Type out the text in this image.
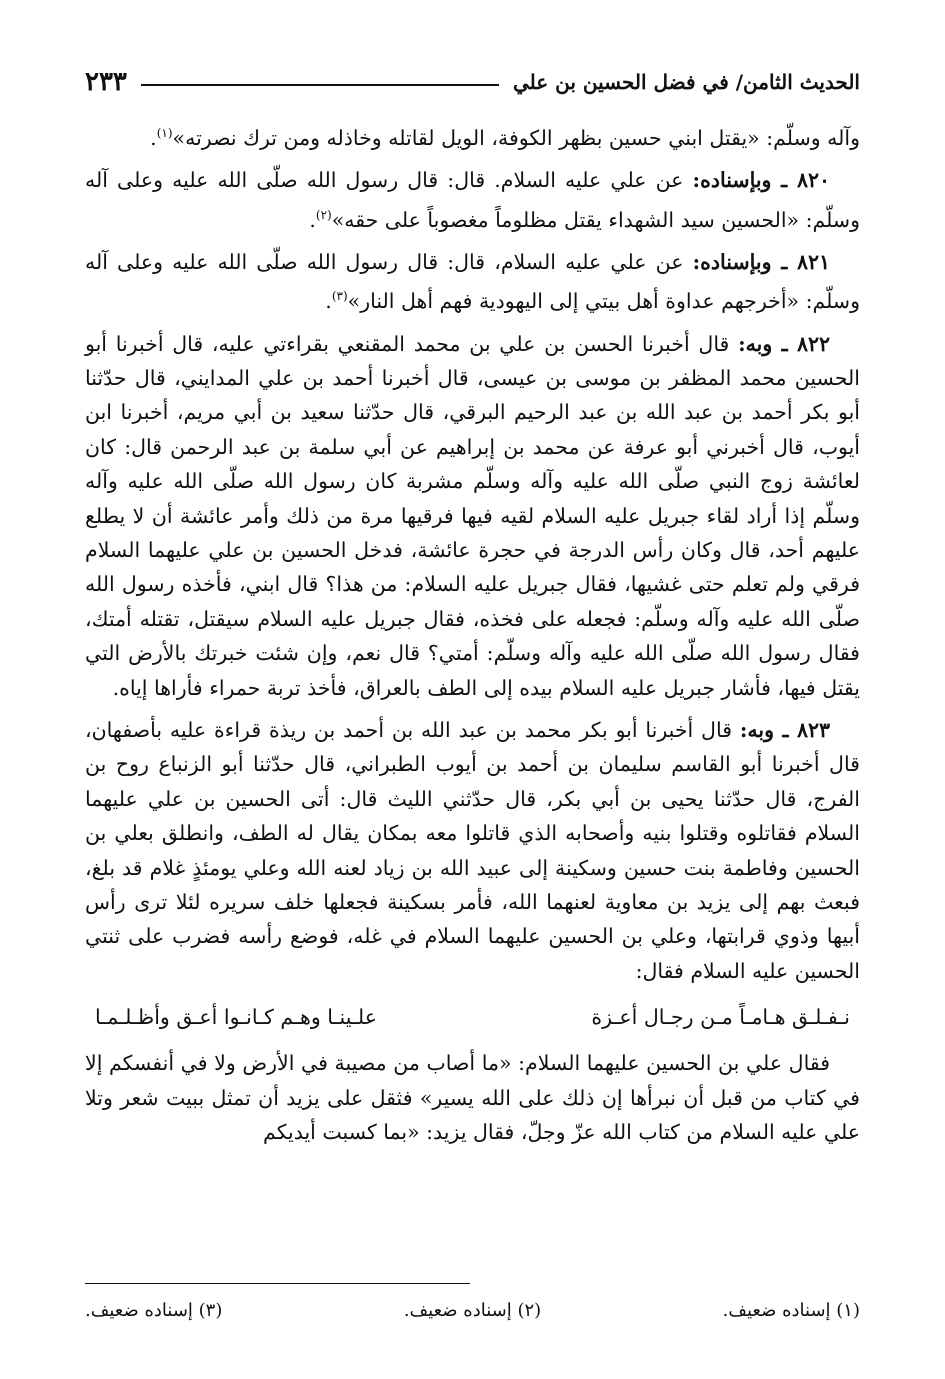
الحديث الثامن/ في فضل الحسين بن علي
٢٣٣

وآله وسلّم: «يقتل ابني حسين بظهر الكوفة، الويل لقاتله وخاذله ومن ترك نصرته»$^{(١)}$.

٨٢٠ ـ وبإسناده: عن علي عليه السلام. قال: قال رسول الله صلّى الله عليه وعلى آله وسلّم: «الحسين سيد الشهداء يقتل مظلوماً مغصوباً على حقه»$^{(٢)}$.

٨٢١ ـ وبإسناده: عن علي عليه السلام، قال: قال رسول الله صلّى الله عليه وعلى آله وسلّم: «أخرجهم عداوة أهل بيتي إلى اليهودية فهم أهل النار»$^{(٣)}$.

٨٢٢ ـ وبه: قال أخبرنا الحسن بن علي بن محمد المقنعي بقراءتي عليه، قال أخبرنا أبو الحسين محمد المظفر بن موسى بن عيسى، قال أخبرنا أحمد بن علي المدايني، قال حدّثنا أبو بكر أحمد بن عبد الله بن عبد الرحيم البرقي، قال حدّثنا سعيد بن أبي مريم، أخبرنا ابن أيوب، قال أخبرني أبو عرفة عن محمد بن إبراهيم عن أبي سلمة بن عبد الرحمن قال: كان لعائشة زوج النبي صلّى الله عليه وآله وسلّم مشربة كان رسول الله صلّى الله عليه وآله وسلّم إذا أراد لقاء جبريل عليه السلام لقيه فيها فرقيها مرة من ذلك وأمر عائشة أن لا يطلع عليهم أحد، قال وكان رأس الدرجة في حجرة عائشة، فدخل الحسين بن علي عليهما السلام فرقي ولم تعلم حتى غشيها، فقال جبريل عليه السلام: من هذا؟ قال ابني، فأخذه رسول الله صلّى الله عليه وآله وسلّم: فجعله على فخذه، فقال جبريل عليه السلام سيقتل، تقتله أمتك، فقال رسول الله صلّى الله عليه وآله وسلّم: أمتي؟ قال نعم، وإن شئت خبرتك بالأرض التي يقتل فيها، فأشار جبريل عليه السلام بيده إلى الطف بالعراق، فأخذ تربة حمراء فأراها إياه.

٨٢٣ ـ وبه: قال أخبرنا أبو بكر محمد بن عبد الله بن أحمد بن ريذة قراءة عليه بأصفهان، قال أخبرنا أبو القاسم سليمان بن أحمد بن أيوب الطبراني، قال حدّثنا أبو الزنباع روح بن الفرج، قال حدّثنا يحيى بن أبي بكر، قال حدّثني الليث قال: أتى الحسين بن علي عليهما السلام فقاتلوه وقتلوا بنيه وأصحابه الذي قاتلوا معه بمكان يقال له الطف، وانطلق بعلي بن الحسين وفاطمة بنت حسين وسكينة إلى عبيد الله بن زياد لعنه الله وعلي يومئذٍ غلام قد بلغ، فبعث بهم إلى يزيد بن معاوية لعنهما الله، فأمر بسكينة فجعلها خلف سريره لئلا ترى رأس أبيها وذوي قرابتها، وعلي بن الحسين عليهما السلام في غله، فوضع رأسه فضرب على ثنتي الحسين عليه السلام فقال:

نـفـلـق هـامـاً مـن رجـال أعـزة
علـينـا وهـم كـانـوا أعـق وأظـلـمـا

فقال علي بن الحسين عليهما السلام: «ما أصاب من مصيبة في الأرض ولا في أنفسكم إلا في كتاب من قبل أن نبرأها إن ذلك على الله يسير» فثقل على يزيد أن تمثل ببيت شعر وتلا علي عليه السلام من كتاب الله عزّ وجلّ، فقال يزيد: «بما كسبت أيديكم

(١) إسناده ضعيف.
(٢) إسناده ضعيف.
(٣) إسناده ضعيف.
